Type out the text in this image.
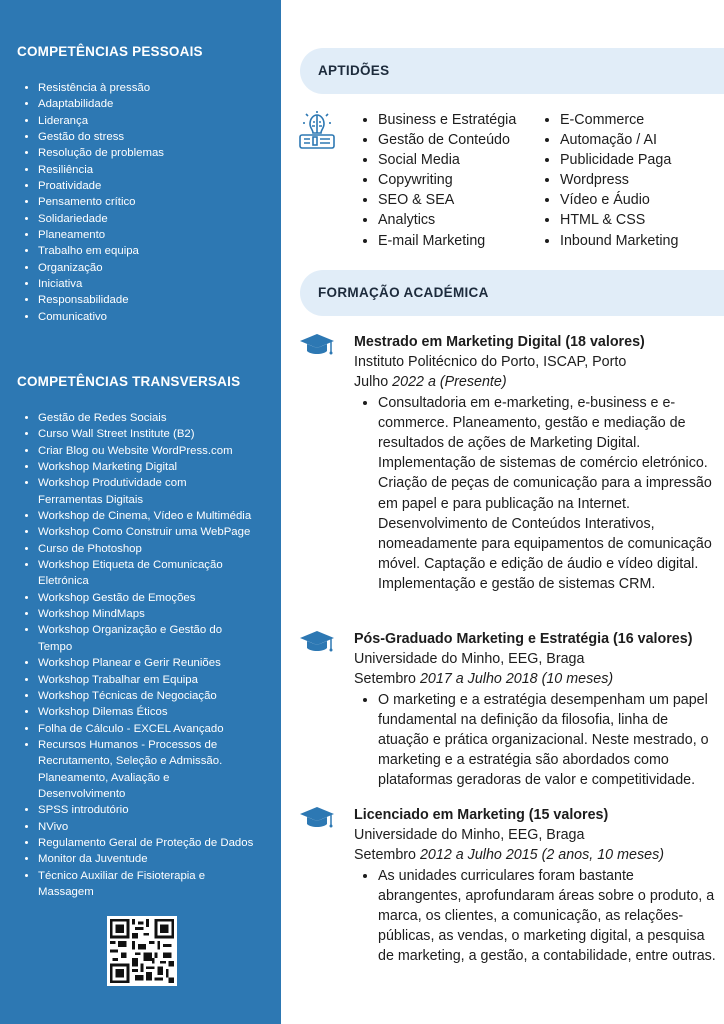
COMPETÊNCIAS PESSOAIS
• Resistência à pressão
• Adaptabilidade
• Liderança
• Gestão do stress
• Resolução de problemas
• Resiliência
• Proatividade
• Pensamento crítico
• Solidariedade
• Planeamento
• Trabalho em equipa
• Organização
• Iniciativa
• Responsabilidade
• Comunicativo
COMPETÊNCIAS TRANSVERSAIS
• Gestão de Redes Sociais
• Curso Wall Street Institute (B2)
• Criar Blog ou Website WordPress.com
• Workshop Marketing Digital
• Workshop Produtividade com Ferramentas Digitais
• Workshop de Cinema, Vídeo e Multimédia
• Workshop Como Construir uma WebPage
• Curso de Photoshop
• Workshop Etiqueta de Comunicação Eletrónica
• Workshop Gestão de Emoções
• Workshop MindMaps
• Workshop Organização e Gestão do Tempo
• Workshop Planear e Gerir Reuniões
• Workshop Trabalhar em Equipa
• Workshop Técnicas de Negociação
• Workshop Dilemas Éticos
• Folha de Cálculo - EXCEL Avançado
• Recursos Humanos - Processos de Recrutamento, Seleção e Admissão. Planeamento, Avaliação e Desenvolvimento
• SPSS introdutório
• NVivo
• Regulamento Geral de Proteção de Dados
• Monitor da Juventude
• Técnico Auxiliar de Fisioterapia e Massagem
APTIDÕES
• Business e Estratégia
• Gestão de Conteúdo
• Social Media
• Copywriting
• SEO & SEA
• Analytics
• E-mail Marketing
• E-Commerce
• Automação / AI
• Publicidade Paga
• Wordpress
• Vídeo e Áudio
• HTML & CSS
• Inbound Marketing
FORMAÇÃO ACADÉMICA
Mestrado em Marketing Digital (18 valores)
Instituto Politécnico do Porto, ISCAP, Porto
Julho 2022 a (Presente)
• Consultadoria em e-marketing, e-business e e-commerce. Planeamento, gestão e mediação de resultados de ações de Marketing Digital. Implementação de sistemas de comércio eletrónico. Criação de peças de comunicação para a impressão em papel e para publicação na Internet. Desenvolvimento de Conteúdos Interativos, nomeadamente para equipamentos de comunicação móvel. Captação e edição de áudio e vídeo digital. Implementação e gestão de sistemas CRM.
Pós-Graduado Marketing e Estratégia (16 valores)
Universidade do Minho, EEG, Braga
Setembro 2017 a Julho 2018 (10 meses)
• O marketing e a estratégia desempenham um papel fundamental na definição da filosofia, linha de atuação e prática organizacional. Neste mestrado, o marketing e a estratégia são abordados como plataformas geradoras de valor e competitividade.
Licenciado em Marketing (15 valores)
Universidade do Minho, EEG, Braga
Setembro 2012 a Julho 2015 (2 anos, 10 meses)
• As unidades curriculares foram bastante abrangentes, aprofundaram áreas sobre o produto, a marca, os clientes, a comunicação, as relações-públicas, as vendas, o marketing digital, a pesquisa de marketing, a gestão, a contabilidade, entre outras.
